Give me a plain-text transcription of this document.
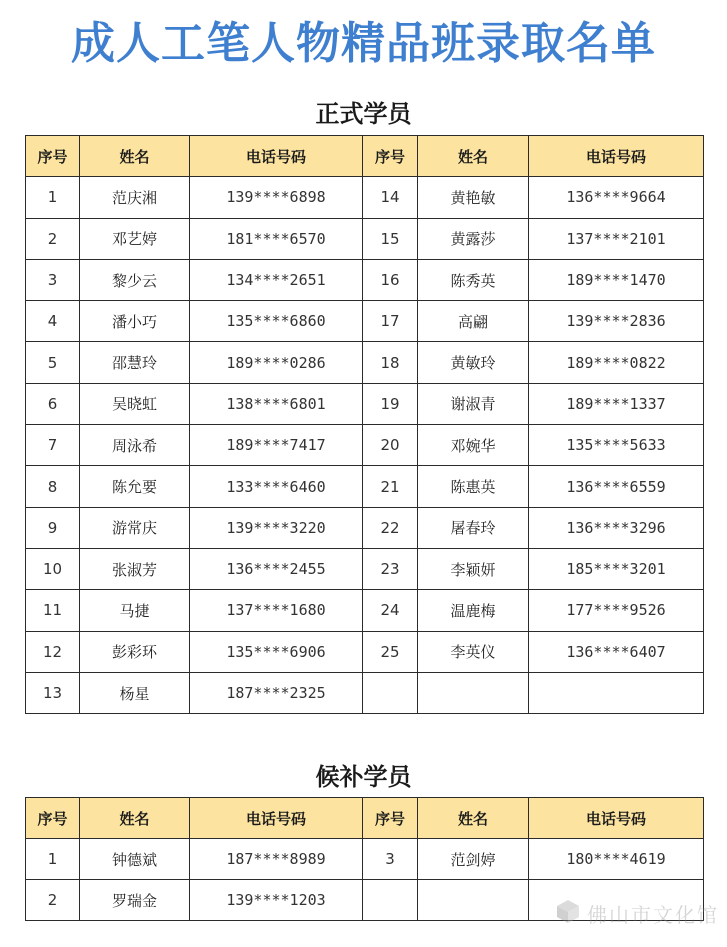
成人工笔人物精品班录取名单
正式学员
序号	姓名	电话号码	序号	姓名	电话号码
1	范庆湘	139****6898	14	黄艳敏	136****9664
2	邓艺婷	181****6570	15	黄露莎	137****2101
3	黎少云	134****2651	16	陈秀英	189****1470
4	潘小巧	135****6860	17	高翩	139****2836
5	邵慧玲	189****0286	18	黄敏玲	189****0822
6	吴晓虹	138****6801	19	谢淑青	189****1337
7	周泳希	189****7417	20	邓婉华	135****5633
8	陈允要	133****6460	21	陈惠英	136****6559
9	游常庆	139****3220	22	屠春玲	136****3296
10	张淑芳	136****2455	23	李颖妍	185****3201
11	马捷	137****1680	24	温鹿梅	177****9526
12	彭彩环	135****6906	25	李英仪	136****6407
13	杨星	187****2325			
候补学员
序号	姓名	电话号码	序号	姓名	电话号码
1	钟德斌	187****8989	3	范剑婷	180****4619
2	罗瑞金	139****1203			
佛山市文化馆
